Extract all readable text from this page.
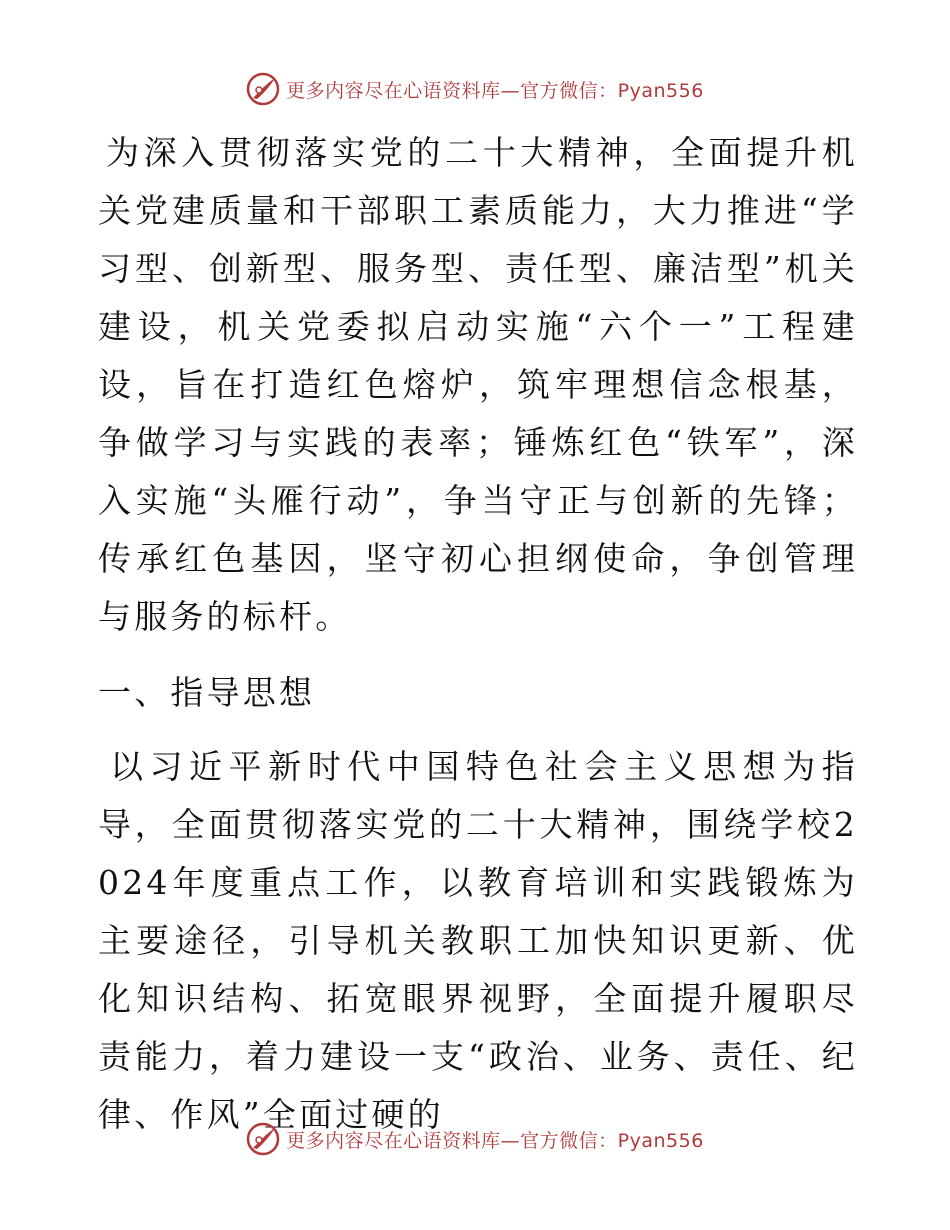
更多内容尽在心语资料库—官方微信：Pyan556

为深入贯彻落实党的二十大精神，全面提升机关党建质量和干部职工素质能力，大力推进“学习型、创新型、服务型、责任型、廉洁型”机关建设，机关党委拟启动实施“六个一”工程建设，旨在打造红色熔炉，筑牢理想信念根基，争做学习与实践的表率；锤炼红色“铁军”，深入实施“头雁行动”，争当守正与创新的先锋；传承红色基因，坚守初心担纲使命，争创管理与服务的标杆。

一、指导思想

以习近平新时代中国特色社会主义思想为指导，全面贯彻落实党的二十大精神，围绕学校2024年度重点工作，以教育培训和实践锻炼为主要途径，引导机关教职工加快知识更新、优化知识结构、拓宽眼界视野，全面提升履职尽责能力，着力建设一支“政治、业务、责任、纪律、作风”全面过硬的

更多内容尽在心语资料库—官方微信：Pyan556
